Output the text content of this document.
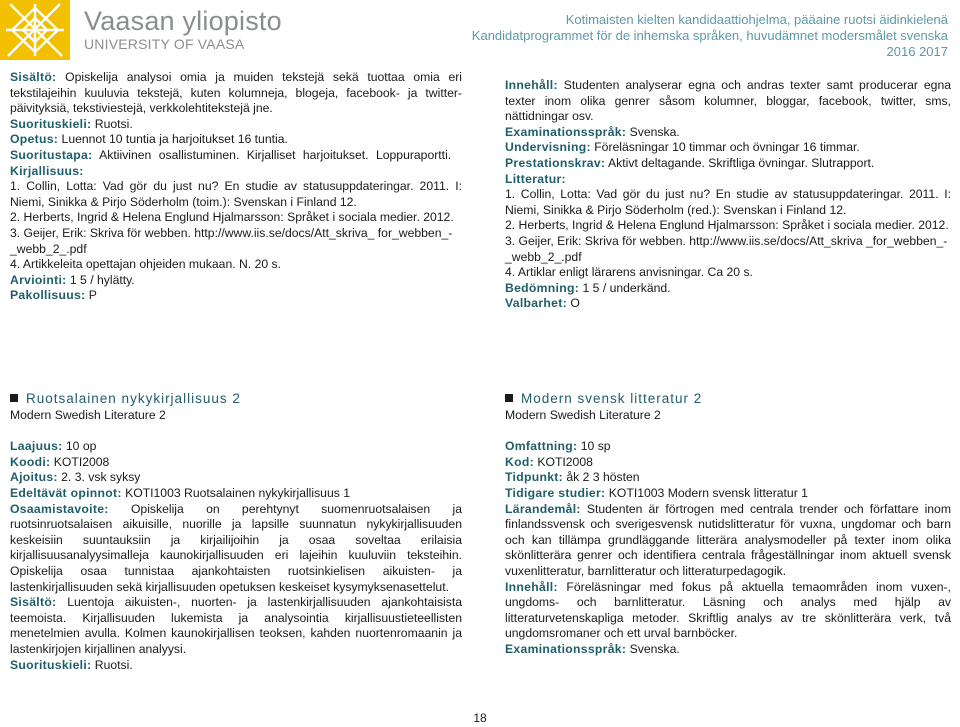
Vaasan yliopisto
UNIVERSITY OF VAASA
Kotimaisten kielten kandidaattiohjelma, pääaine ruotsi äidinkielenä
Kandidatprogrammet för de inhemska språken, huvudämnet modersmålet svenska
2016 2017

Sisältö: Opiskelija analysoi omia ja muiden tekstejä sekä tuottaa omia eri tekstilajeihin kuuluvia tekstejä, kuten kolumneja, blogeja, facebook- ja twitter-päivityksiä, tekstiviestejä, verkkolehtitekstejä jne.

Suorituskieli: Ruotsi.

Opetus: Luennot 10 tuntia ja harjoitukset 16 tuntia.

Suoritustapa: Aktiivinen osallistuminen. Kirjalliset harjoitukset. Loppuraportti.

Kirjallisuus:

1. Collin, Lotta: Vad gör du just nu? En studie av statusuppdateringar. 2011. I: Niemi, Sinikka & Pirjo Söderholm (toim.): Svenskan i Finland 12.

2. Herberts, Ingrid & Helena Englund Hjalmarsson: Språket i sociala medier. 2012.

3. Geijer, Erik: Skriva för webben. http://www.iis.se/docs/Att_skriva_ for_webben_-_webb_2_.pdf

4. Artikkeleita opettajan ohjeiden mukaan. N. 20 s.

Arviointi: 1 5 / hylätty.

Pakollisuus: P

Innehåll: Studenten analyserar egna och andras texter samt producerar egna texter inom olika genrer såsom kolumner, bloggar, facebook, twitter, sms, nättidningar osv.

Examinationsspråk: Svenska.

Undervisning: Föreläsningar 10 timmar och övningar 16 timmar.

Prestationskrav: Aktivt deltagande. Skriftliga övningar. Slutrapport.

Litteratur:

1. Collin, Lotta: Vad gör du just nu? En studie av statusuppdateringar. 2011. I: Niemi, Sinikka & Pirjo Söderholm (red.): Svenskan i Finland 12.

2. Herberts, Ingrid & Helena Englund Hjalmarsson: Språket i sociala medier. 2012.

3. Geijer, Erik: Skriva för webben. http://www.iis.se/docs/Att_skriva _for_webben_-_webb_2_.pdf

4. Artiklar enligt lärarens anvisningar. Ca 20 s.

Bedömning: 1 5 / underkänd.

Valbarhet: O

Ruotsalainen nykykirjallisuus 2

Modern Swedish Literature 2

Laajuus: 10 op

Koodi: KOTI2008

Ajoitus: 2. 3. vsk syksy

Edeltävät opinnot: KOTI1003 Ruotsalainen nykykirjallisuus 1

Osaamistavoite: Opiskelija on perehtynyt suomenruotsalaisen ja ruotsinruotsalaisen aikuisille, nuorille ja lapsille suunnatun nykykirjallisuuden keskeisiin suuntauksiin ja kirjailijoihin ja osaa soveltaa erilaisia kirjallisuusanalyysimalleja kaunokirjallisuuden eri lajeihin kuuluviin teksteihin. Opiskelija osaa tunnistaa ajankohtaisten ruotsinkielisen aikuisten- ja lastenkirjallisuuden sekä kirjallisuuden opetuksen keskeiset kysymyksenasettelut.

Sisältö: Luentoja aikuisten-, nuorten- ja lastenkirjallisuuden ajankohtaisista teemoista. Kirjallisuuden lukemista ja analysointia kirjallisuustieteellisten menetelmien avulla. Kolmen kaunokirjallisen teoksen, kahden nuortenromaanin ja lastenkirjojen kirjallinen analyysi.

Suorituskieli: Ruotsi.

Modern svensk litteratur 2

Modern Swedish Literature 2

Omfattning: 10 sp

Kod: KOTI2008

Tidpunkt: åk 2 3 hösten

Tidigare studier: KOTI1003 Modern svensk litteratur 1

Lärandemål: Studenten är förtrogen med centrala trender och författare inom finlandssvensk och sverigesvensk nutidslitteratur för vuxna, ungdomar och barn och kan tillämpa grundläggande litterära analysmodeller på texter inom olika skönlitterära genrer och identifiera centrala frågeställningar inom aktuell svensk vuxenlitteratur, barnlitteratur och litteraturpedagogik.

Innehåll: Föreläsningar med fokus på aktuella temaområden inom vuxen-, ungdoms- och barnlitteratur. Läsning och analys med hjälp av litteraturvetenskapliga metoder. Skriftlig analys av tre skönlitterära verk, två ungdomsromaner och ett urval barnböcker.

Examinationsspråk: Svenska.

18
